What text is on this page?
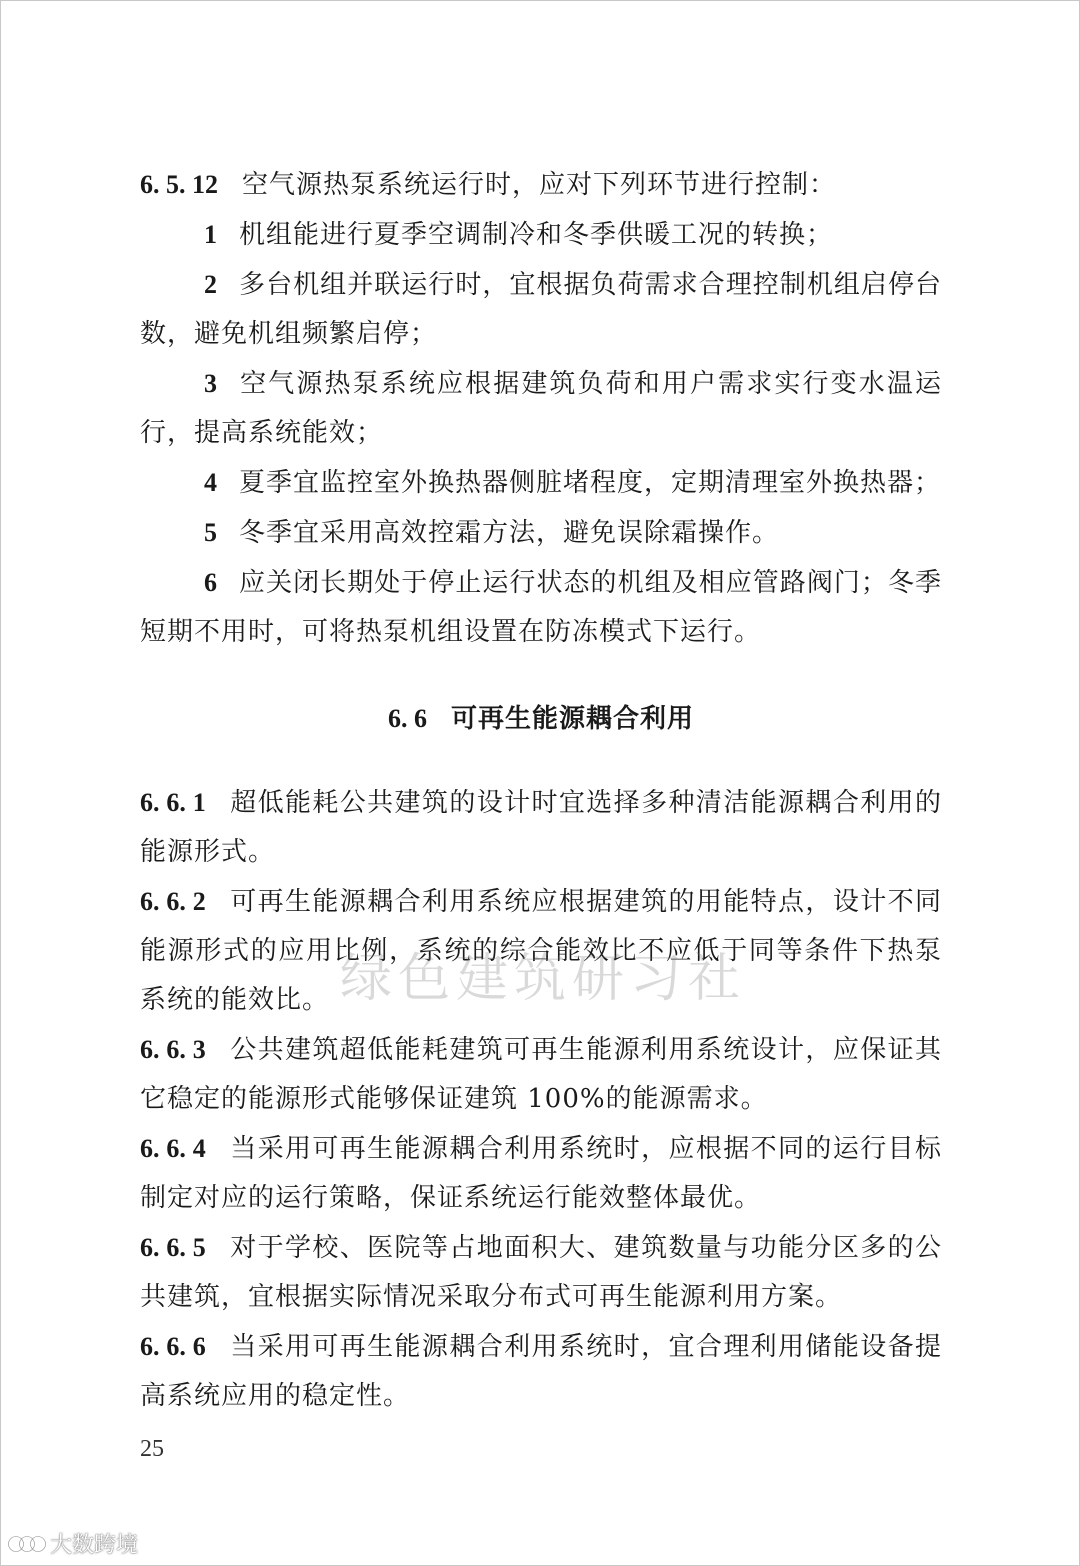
6. 5. 12 空气源热泵系统运行时，应对下列环节进行控制：

1 机组能进行夏季空调制冷和冬季供暖工况的转换；

2 多台机组并联运行时，宜根据负荷需求合理控制机组启停台数，避免机组频繁启停；

3 空气源热泵系统应根据建筑负荷和用户需求实行变水温运行，提高系统能效；

4 夏季宜监控室外换热器侧脏堵程度，定期清理室外换热器；

5 冬季宜采用高效控霜方法，避免误除霜操作。

6 应关闭长期处于停止运行状态的机组及相应管路阀门；冬季短期不用时，可将热泵机组设置在防冻模式下运行。

6. 6 可再生能源耦合利用

6. 6. 1 超低能耗公共建筑的设计时宜选择多种清洁能源耦合利用的能源形式。

6. 6. 2 可再生能源耦合利用系统应根据建筑的用能特点，设计不同能源形式的应用比例，系统的综合能效比不应低于同等条件下热泵系统的能效比。

6. 6. 3 公共建筑超低能耗建筑可再生能源利用系统设计，应保证其它稳定的能源形式能够保证建筑 100%的能源需求。

6. 6. 4 当采用可再生能源耦合利用系统时，应根据不同的运行目标制定对应的运行策略，保证系统运行能效整体最优。

6. 6. 5 对于学校、医院等占地面积大、建筑数量与功能分区多的公共建筑，宜根据实际情况采取分布式可再生能源利用方案。

6. 6. 6 当采用可再生能源耦合利用系统时，宜合理利用储能设备提高系统应用的稳定性。

绿色建筑研习社
25
大数跨境
